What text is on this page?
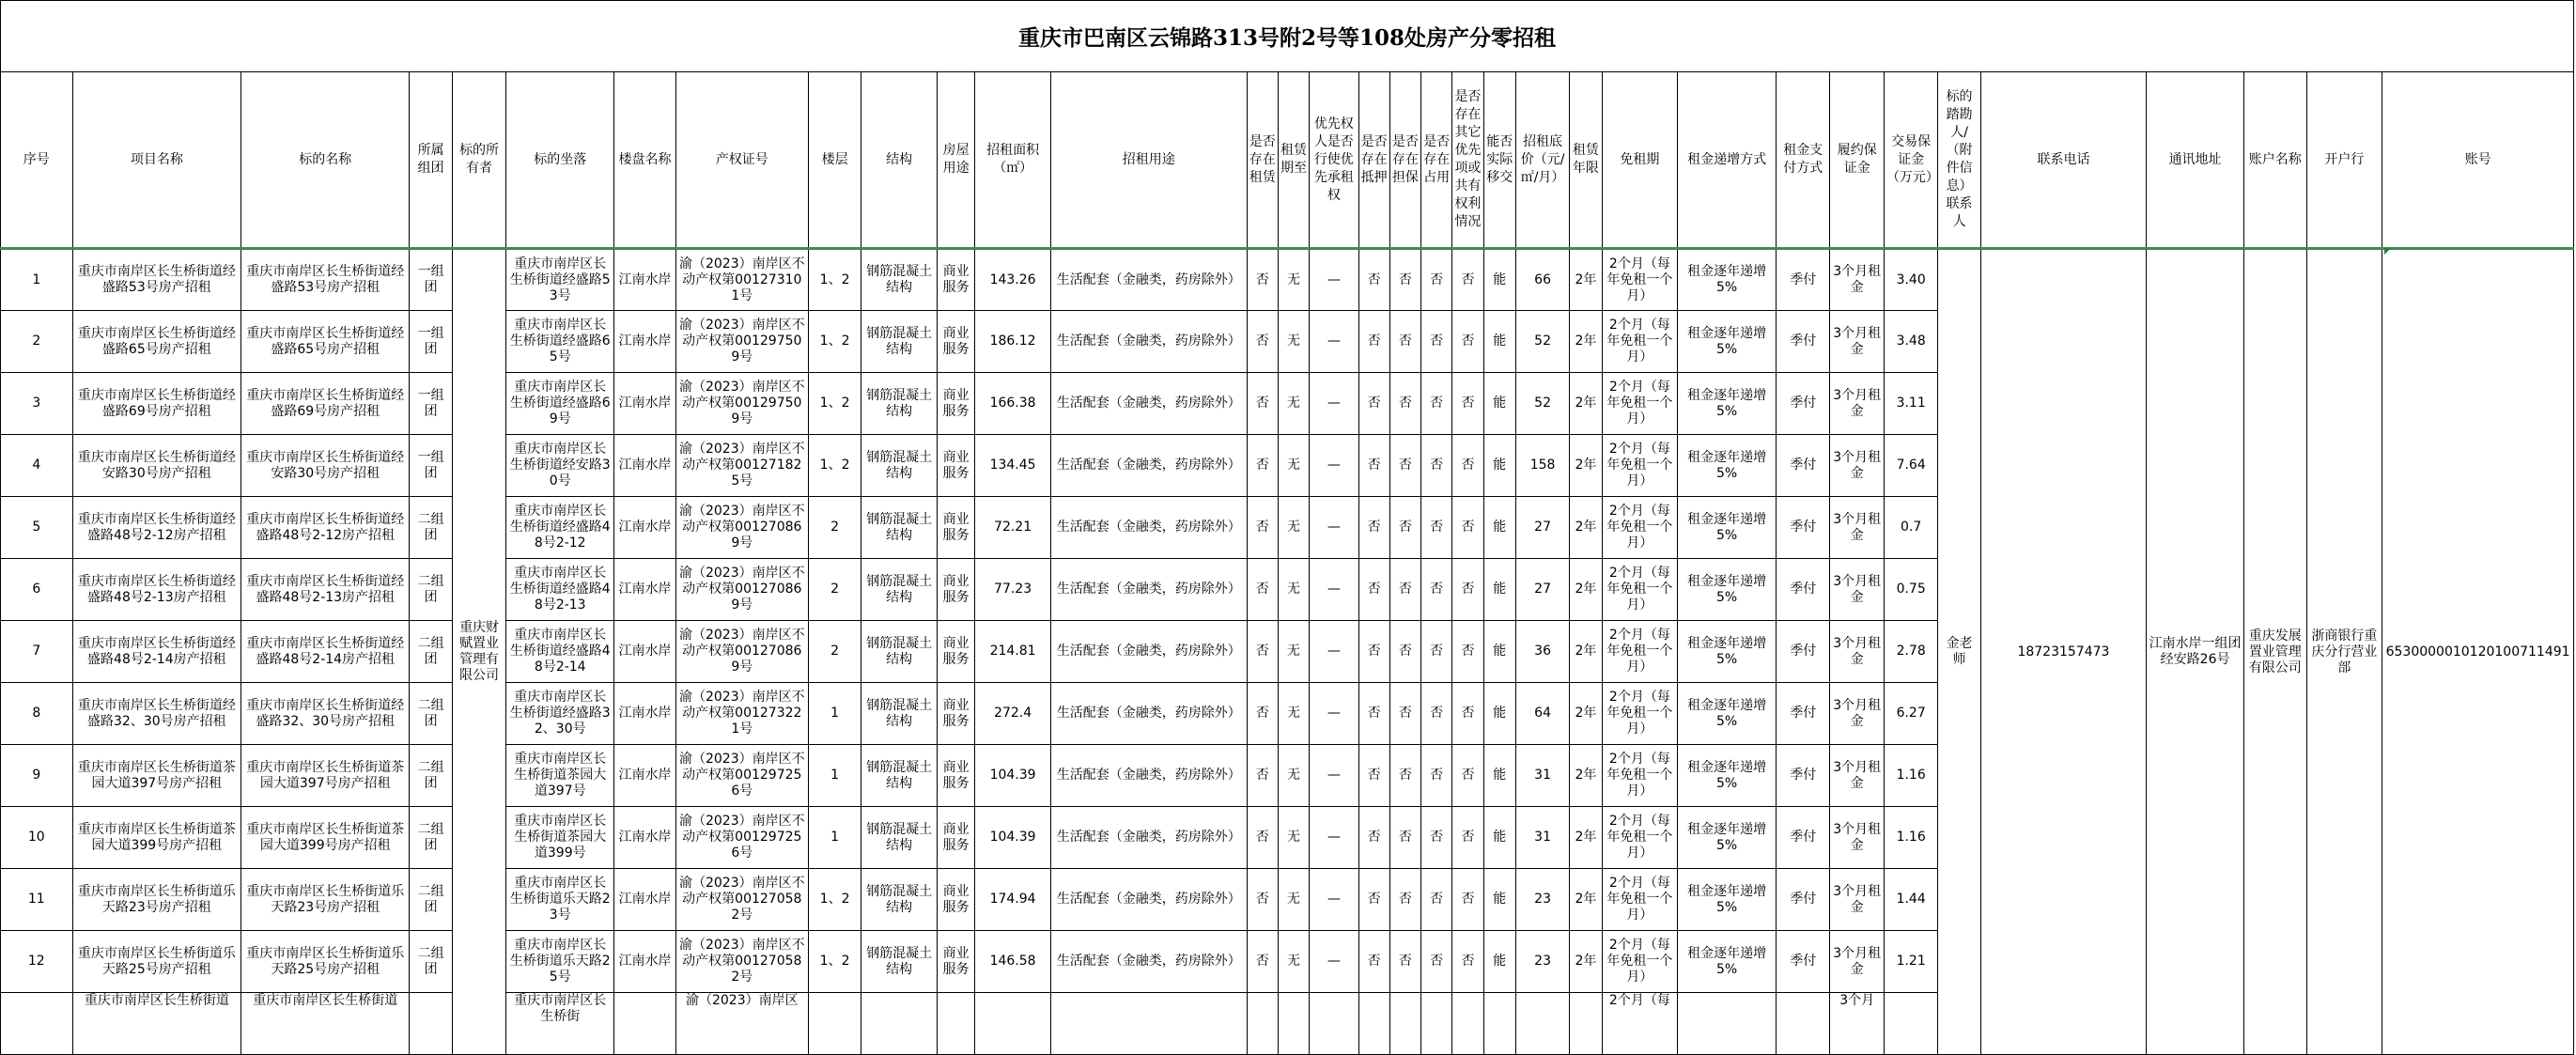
重庆市巴南区云锦路313号附2号等108处房产分零招租
序号	项目名称	标的名称	所属组团	标的所有者	标的坐落	楼盘名称	产权证号	楼层	结构	房屋用途	招租面积（㎡）	招租用途	是否存在租赁	租赁期至	优先权人是否行使优先承租权	是否存在抵押	是否存在担保	是否存在占用	是否存在其它优先项或共有权利情况	能否实际移交	招租底价（元/㎡/月）	租赁年限	免租期	租金递增方式	租金支付方式	履约保证金	交易保证金（万元）	标的踏勘人/（附件信息）联系人	联系电话	通讯地址	账户名称	开户行	账号
1	重庆市南岸区长生桥街道经盛路53号房产招租	重庆市南岸区长生桥街道经盛路53号房产招租	一组团	重庆财赋置业管理有限公司	重庆市南岸区长生桥街道经盛路53号	江南水岸	渝（2023）南岸区不动产权第001273101号	1、2	钢筋混凝土结构	商业服务	143.26	生活配套（金融类，药房除外）	否	无	—	否	否	否	否	能	66	2年	2个月（每年免租一个月）	租金逐年递增5%	季付	3个月租金	3.40	金老师	18723157473	江南水岸一组团经安路26号	重庆发展置业管理有限公司	浙商银行重庆分行营业部	6530000010120100711491
2	重庆市南岸区长生桥街道经盛路65号房产招租	重庆市南岸区长生桥街道经盛路65号房产招租	一组团		重庆市南岸区长生桥街道经盛路65号	江南水岸	渝（2023）南岸区不动产权第001297509号	1、2	钢筋混凝土结构	商业服务	186.12	生活配套（金融类，药房除外）	否	无	—	否	否	否	否	能	52	2年	2个月（每年免租一个月）	租金逐年递增5%	季付	3个月租金	3.48						
3	重庆市南岸区长生桥街道经盛路69号房产招租	重庆市南岸区长生桥街道经盛路69号房产招租	一组团		重庆市南岸区长生桥街道经盛路69号	江南水岸	渝（2023）南岸区不动产权第001297509号	1、2	钢筋混凝土结构	商业服务	166.38	生活配套（金融类，药房除外）	否	无	—	否	否	否	否	能	52	2年	2个月（每年免租一个月）	租金逐年递增5%	季付	3个月租金	3.11						
4	重庆市南岸区长生桥街道经安路30号房产招租	重庆市南岸区长生桥街道经安路30号房产招租	一组团		重庆市南岸区长生桥街道经安路30号	江南水岸	渝（2023）南岸区不动产权第001271825号	1、2	钢筋混凝土结构	商业服务	134.45	生活配套（金融类，药房除外）	否	无	—	否	否	否	否	能	158	2年	2个月（每年免租一个月）	租金逐年递增5%	季付	3个月租金	7.64						
5	重庆市南岸区长生桥街道经盛路48号2-12房产招租	重庆市南岸区长生桥街道经盛路48号2-12房产招租	二组团		重庆市南岸区长生桥街道经盛路48号2-12	江南水岸	渝（2023）南岸区不动产权第001270869号	2	钢筋混凝土结构	商业服务	72.21	生活配套（金融类，药房除外）	否	无	—	否	否	否	否	能	27	2年	2个月（每年免租一个月）	租金逐年递增5%	季付	3个月租金	0.7						
6	重庆市南岸区长生桥街道经盛路48号2-13房产招租	重庆市南岸区长生桥街道经盛路48号2-13房产招租	二组团		重庆市南岸区长生桥街道经盛路48号2-13	江南水岸	渝（2023）南岸区不动产权第001270869号	2	钢筋混凝土结构	商业服务	77.23	生活配套（金融类，药房除外）	否	无	—	否	否	否	否	能	27	2年	2个月（每年免租一个月）	租金逐年递增5%	季付	3个月租金	0.75						
7	重庆市南岸区长生桥街道经盛路48号2-14房产招租	重庆市南岸区长生桥街道经盛路48号2-14房产招租	二组团		重庆市南岸区长生桥街道经盛路48号2-14	江南水岸	渝（2023）南岸区不动产权第001270869号	2	钢筋混凝土结构	商业服务	214.81	生活配套（金融类，药房除外）	否	无	—	否	否	否	否	能	36	2年	2个月（每年免租一个月）	租金逐年递增5%	季付	3个月租金	2.78						
8	重庆市南岸区长生桥街道经盛路32、30号房产招租	重庆市南岸区长生桥街道经盛路32、30号房产招租	二组团		重庆市南岸区长生桥街道经盛路32、30号	江南水岸	渝（2023）南岸区不动产权第001273221号	1	钢筋混凝土结构	商业服务	272.4	生活配套（金融类，药房除外）	否	无	—	否	否	否	否	能	64	2年	2个月（每年免租一个月）	租金逐年递增5%	季付	3个月租金	6.27						
9	重庆市南岸区长生桥街道茶园大道397号房产招租	重庆市南岸区长生桥街道茶园大道397号房产招租	二组团		重庆市南岸区长生桥街道茶园大道397号	江南水岸	渝（2023）南岸区不动产权第001297256号	1	钢筋混凝土结构	商业服务	104.39	生活配套（金融类，药房除外）	否	无	—	否	否	否	否	能	31	2年	2个月（每年免租一个月）	租金逐年递增5%	季付	3个月租金	1.16						
10	重庆市南岸区长生桥街道茶园大道399号房产招租	重庆市南岸区长生桥街道茶园大道399号房产招租	二组团		重庆市南岸区长生桥街道茶园大道399号	江南水岸	渝（2023）南岸区不动产权第001297256号	1	钢筋混凝土结构	商业服务	104.39	生活配套（金融类，药房除外）	否	无	—	否	否	否	否	能	31	2年	2个月（每年免租一个月）	租金逐年递增5%	季付	3个月租金	1.16						
11	重庆市南岸区长生桥街道乐天路23号房产招租	重庆市南岸区长生桥街道乐天路23号房产招租	二组团		重庆市南岸区长生桥街道乐天路23号	江南水岸	渝（2023）南岸区不动产权第001270582号	1、2	钢筋混凝土结构	商业服务	174.94	生活配套（金融类，药房除外）	否	无	—	否	否	否	否	能	23	2年	2个月（每年免租一个月）	租金逐年递增5%	季付	3个月租金	1.44						
12	重庆市南岸区长生桥街道乐天路25号房产招租	重庆市南岸区长生桥街道乐天路25号房产招租	二组团		重庆市南岸区长生桥街道乐天路25号	江南水岸	渝（2023）南岸区不动产权第001270582号	1、2	钢筋混凝土结构	商业服务	146.58	生活配套（金融类，药房除外）	否	无	—	否	否	否	否	能	23	2年	2个月（每年免租一个月）	租金逐年递增5%	季付	3个月租金	1.21						
	重庆市南岸区长生桥街道	重庆市南岸区长生桥街道			重庆市南岸区长生桥街		渝（2023）南岸区																2个月（每			3个月							
